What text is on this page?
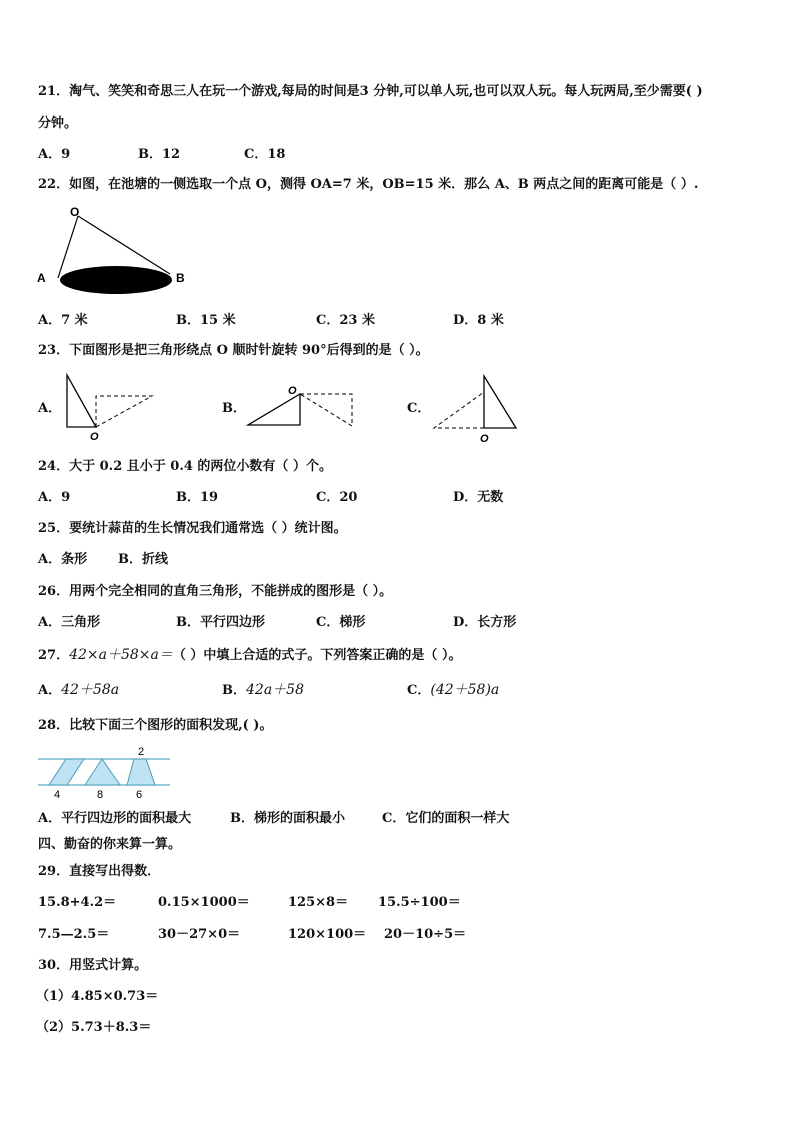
21．淘气、笑笑和奇思三人在玩一个游戏,每局的时间是3 分钟,可以单人玩,也可以双人玩。每人玩两局,至少需要( )
分钟。
A．9	B．12	C．18
22．如图，在池塘的一侧选取一个点 O，测得 OA=7 米，OB=15 米．那么 A、B 两点之间的距离可能是（ ）.
O
A	B
A．7 米	B．15 米	C．23 米	D．8 米
23．下面图形是把三角形绕点 O 顺时针旋转 90°后得到的是（ ）。
A．
O
B．
O
C．
O
24．大于 0.2 且小于 0.4 的两位小数有（ ）个。
A．9	B．19	C．20	D．无数
25．要统计蒜苗的生长情况我们通常选（ ）统计图。
A．条形 B．折线
26．用两个完全相同的直角三角形，不能拼成的图形是（ ）。
A．三角形	B．平行四边形	C．梯形	D．长方形
27．42×a＋58×a＝（ ）中填上合适的式子。下列答案正确的是（ ）。
A．42＋58a	B．42a＋58	C．(42＋58)a
28．比较下面三个图形的面积发现,( )。
2
4	8	6
A．平行四边形的面积最大	B．梯形的面积最小	C．它们的面积一样大
四、勤奋的你来算一算。
29．直接写出得数．
15.8+4.2＝	0.15×1000＝	125×8＝ 15.5÷100＝
7.5—2.5＝	30－27×0＝	120×100＝ 20－10÷5＝
30．用竖式计算。
（1）4.85×0.73＝
（2）5.73＋8.3＝
